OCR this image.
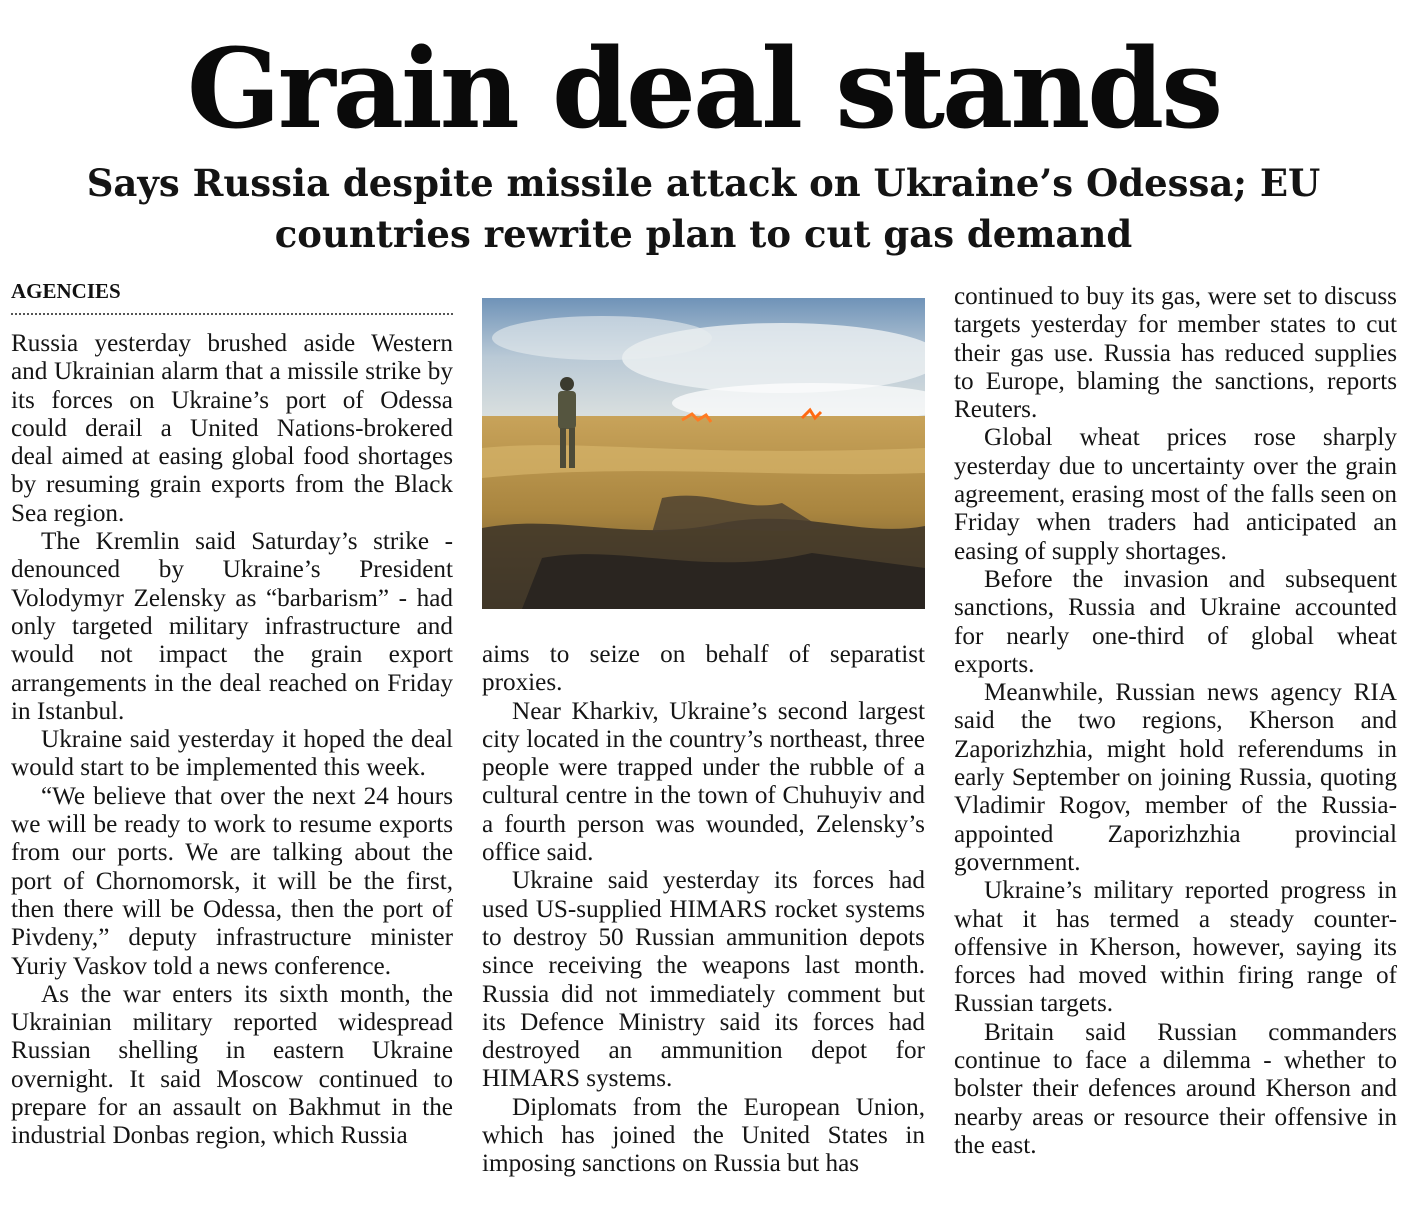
Grain deal stands
Says Russia despite missile attack on Ukraine’s Odessa; EU countries rewrite plan to cut gas demand
AGENCIES

Russia yesterday brushed aside Western and Ukrainian alarm that a missile strike by its forces on Ukraine’s port of Odessa could derail a United Nations-brokered deal aimed at easing global food shortages by resuming grain exports from the Black Sea region.

The Kremlin said Saturday’s strike - denounced by Ukraine’s President Volodymyr Zelensky as “barbarism” - had only targeted military infrastructure and would not impact the grain export arrangements in the deal reached on Friday in Istanbul.

Ukraine said yesterday it hoped the deal would start to be implemented this week.

“We believe that over the next 24 hours we will be ready to work to resume exports from our ports. We are talking about the port of Chornomorsk, it will be the first, then there will be Odessa, then the port of Pivdeny,” deputy infrastructure minister Yuriy Vaskov told a news conference.

As the war enters its sixth month, the Ukrainian military reported widespread Russian shelling in eastern Ukraine overnight. It said Moscow continued to prepare for an assault on Bakhmut in the industrial Donbas region, which Russia

aims to seize on behalf of separatist proxies.

Near Kharkiv, Ukraine’s second largest city located in the country’s northeast, three people were trapped under the rubble of a cultural centre in the town of Chuhuyiv and a fourth person was wounded, Zelensky’s office said.

Ukraine said yesterday its forces had used US-supplied HIMARS rocket systems to destroy 50 Russian ammunition depots since receiving the weapons last month. Russia did not immediately comment but its Defence Ministry said its forces had destroyed an ammunition depot for HIMARS systems.

Diplomats from the European Union, which has joined the United States in imposing sanctions on Russia but has

continued to buy its gas, were set to discuss targets yesterday for member states to cut their gas use. Russia has reduced supplies to Europe, blaming the sanctions, reports Reuters.

Global wheat prices rose sharply yesterday due to uncertainty over the grain agreement, erasing most of the falls seen on Friday when traders had anticipated an easing of supply shortages.

Before the invasion and subsequent sanctions, Russia and Ukraine accounted for nearly one-third of global wheat exports.

Meanwhile, Russian news agency RIA said the two regions, Kherson and Zaporizhzhia, might hold referendums in early September on joining Russia, quoting Vladimir Rogov, member of the Russia-appointed Zaporizhzhia provincial government.

Ukraine’s military reported progress in what it has termed a steady counter-offensive in Kherson, however, saying its forces had moved within firing range of Russian targets.

Britain said Russian commanders continue to face a dilemma - whether to bolster their defences around Kherson and nearby areas or resource their offensive in the east.
